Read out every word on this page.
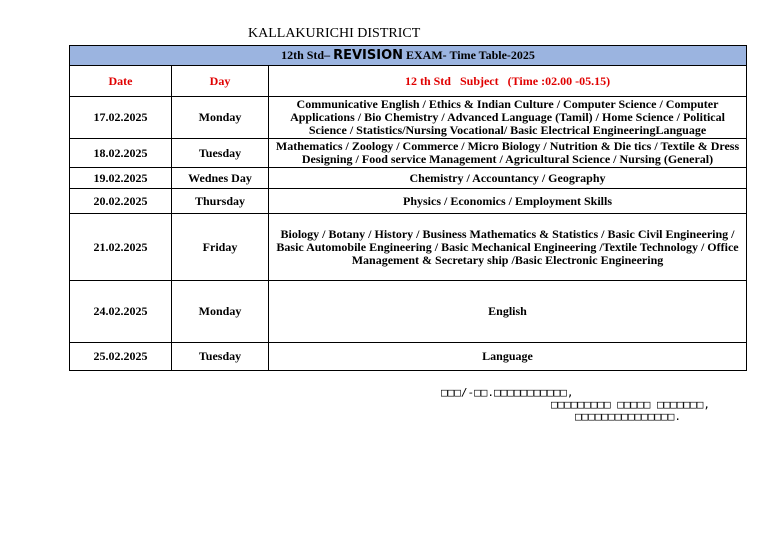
KALLAKURICHI DISTRICT
12th Std– REVISION EXAM- Time Table-2025		
Date	Day	12 th Std   Subject   (Time :02.00 -05.15)
17.02.2025	Monday	Communicative English / Ethics & Indian Culture / Computer Science / Computer Applications / Bio Chemistry / Advanced Language (Tamil) / Home Science / Political Science / Statistics/Nursing Vocational/ Basic Electrical EngineeringLanguage
18.02.2025	Tuesday	Mathematics / Zoology / Commerce / Micro Biology / Nutrition & Die tics / Textile & Dress Designing / Food service Management / Agricultural Science / Nursing (General)
19.02.2025	Wednes Day	Chemistry / Accountancy / Geography
20.02.2025	Thursday	Physics / Economics / Employment Skills
21.02.2025	Friday	Biology / Botany / History / Business Mathematics & Statistics / Basic Civil Engineering / Basic Automobile Engineering / Basic Mechanical Engineering /Textile Technology / Office Management & Secretary ship /Basic Electronic Engineering
24.02.2025	Monday	English
25.02.2025	Tuesday	Language
□□□/-□□.□□□□□□□□□□□,
□□□□□□□□□ □□□□□ □□□□□□□,
□□□□□□□□□□□□□□□.
